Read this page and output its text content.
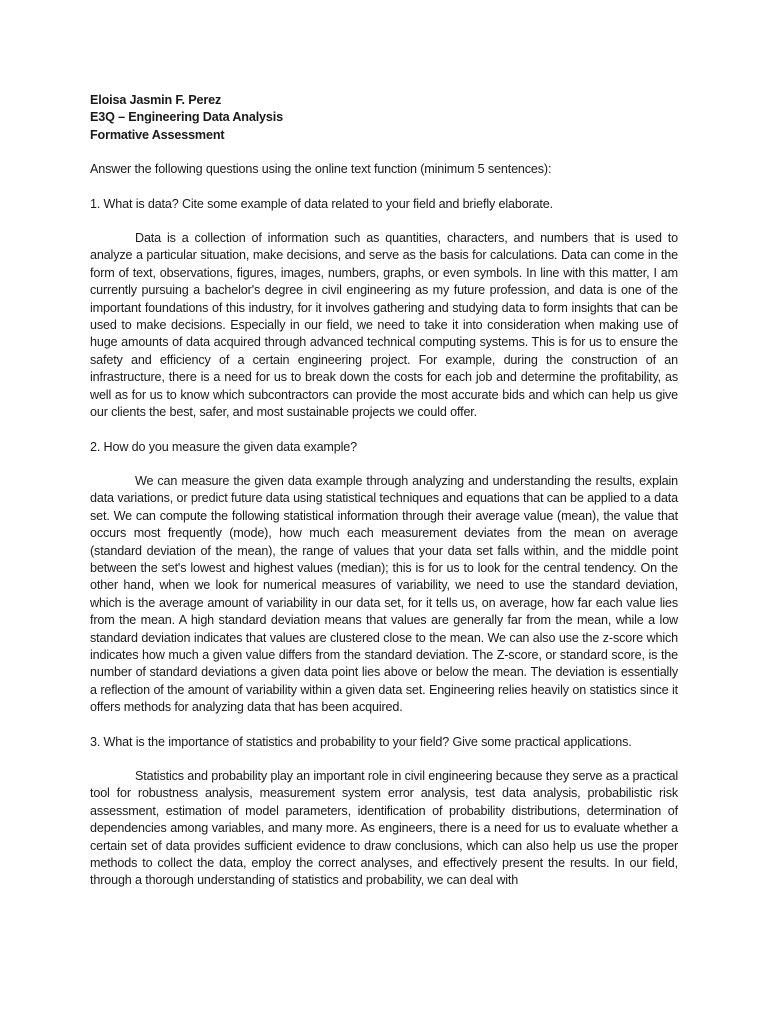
Eloisa Jasmin F. Perez

E3Q – Engineering Data Analysis

Formative Assessment

Answer the following questions using the online text function (minimum 5 sentences):

1. What is data? Cite some example of data related to your field and briefly elaborate.

Data is a collection of information such as quantities, characters, and numbers that is used to analyze a particular situation, make decisions, and serve as the basis for calculations. Data can come in the form of text, observations, figures, images, numbers, graphs, or even symbols. In line with this matter, I am currently pursuing a bachelor's degree in civil engineering as my future profession, and data is one of the important foundations of this industry, for it involves gathering and studying data to form insights that can be used to make decisions. Especially in our field, we need to take it into consideration when making use of huge amounts of data acquired through advanced technical computing systems. This is for us to ensure the safety and efficiency of a certain engineering project. For example, during the construction of an infrastructure, there is a need for us to break down the costs for each job and determine the profitability, as well as for us to know which subcontractors can provide the most accurate bids and which can help us give our clients the best, safer, and most sustainable projects we could offer.

2. How do you measure the given data example?

We can measure the given data example through analyzing and understanding the results, explain data variations, or predict future data using statistical techniques and equations that can be applied to a data set. We can compute the following statistical information through their average value (mean), the value that occurs most frequently (mode), how much each measurement deviates from the mean on average (standard deviation of the mean), the range of values that your data set falls within, and the middle point between the set's lowest and highest values (median); this is for us to look for the central tendency. On the other hand, when we look for numerical measures of variability, we need to use the standard deviation, which is the average amount of variability in our data set, for it tells us, on average, how far each value lies from the mean. A high standard deviation means that values are generally far from the mean, while a low standard deviation indicates that values are clustered close to the mean. We can also use the z-score which indicates how much a given value differs from the standard deviation. The Z-score, or standard score, is the number of standard deviations a given data point lies above or below the mean. The deviation is essentially a reflection of the amount of variability within a given data set. Engineering relies heavily on statistics since it offers methods for analyzing data that has been acquired.

3. What is the importance of statistics and probability to your field? Give some practical applications.

Statistics and probability play an important role in civil engineering because they serve as a practical tool for robustness analysis, measurement system error analysis, test data analysis, probabilistic risk assessment, estimation of model parameters, identification of probability distributions, determination of dependencies among variables, and many more. As engineers, there is a need for us to evaluate whether a certain set of data provides sufficient evidence to draw conclusions, which can also help us use the proper methods to collect the data, employ the correct analyses, and effectively present the results. In our field, through a thorough understanding of statistics and probability, we can deal with
